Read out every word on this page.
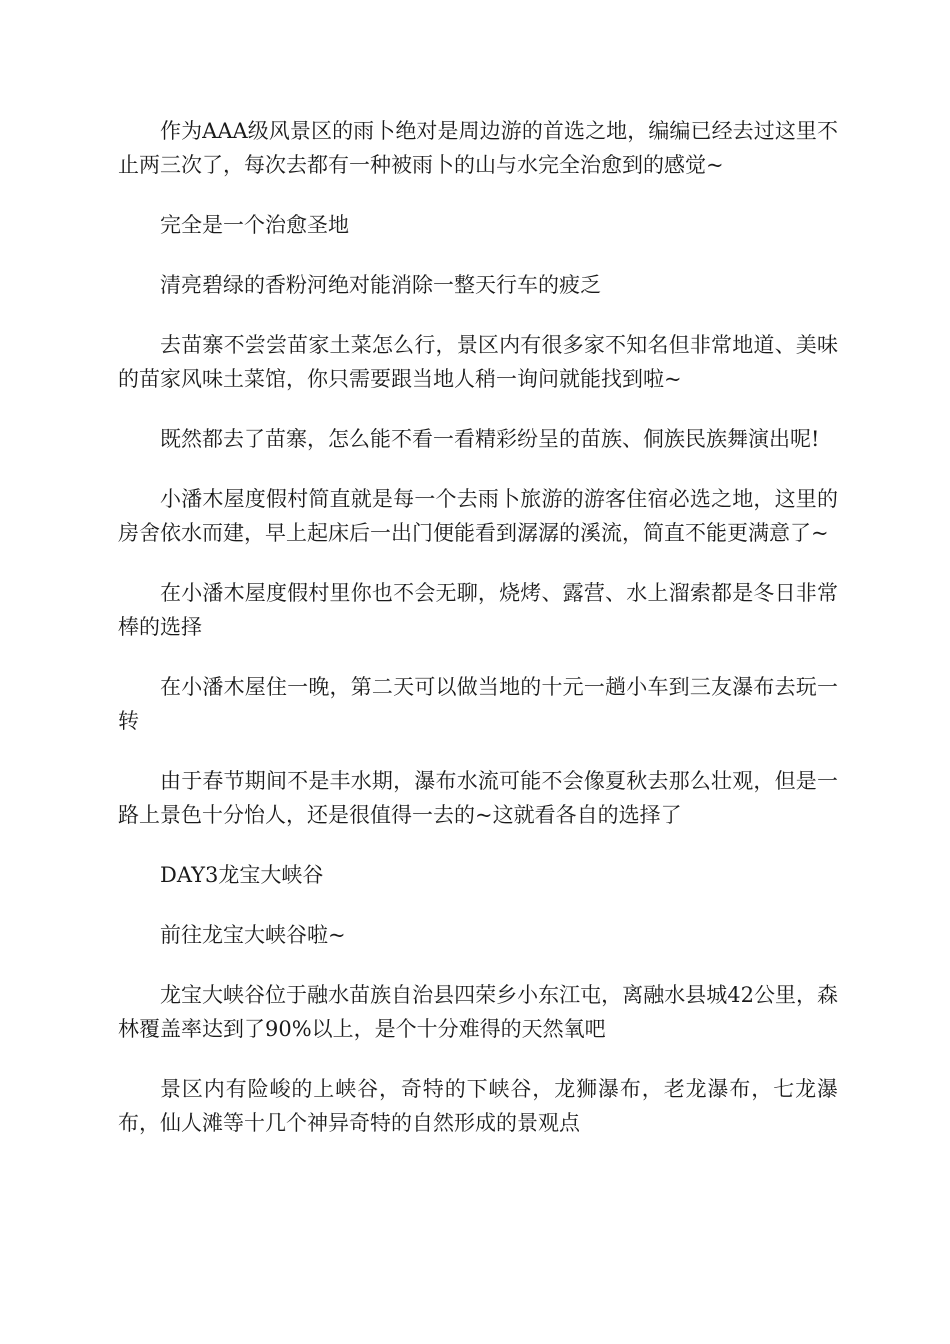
作为AAA级风景区的雨卜绝对是周边游的首选之地，编编已经去过这里不止两三次了，每次去都有一种被雨卜的山与水完全治愈到的感觉~

完全是一个治愈圣地

清亮碧绿的香粉河绝对能消除一整天行车的疲乏

去苗寨不尝尝苗家土菜怎么行，景区内有很多家不知名但非常地道、美味的苗家风味土菜馆，你只需要跟当地人稍一询问就能找到啦~

既然都去了苗寨，怎么能不看一看精彩纷呈的苗族、侗族民族舞演出呢!

小潘木屋度假村简直就是每一个去雨卜旅游的游客住宿必选之地，这里的房舍依水而建，早上起床后一出门便能看到潺潺的溪流，简直不能更满意了~

在小潘木屋度假村里你也不会无聊，烧烤、露营、水上溜索都是冬日非常棒的选择

在小潘木屋住一晚，第二天可以做当地的十元一趟小车到三友瀑布去玩一转

由于春节期间不是丰水期，瀑布水流可能不会像夏秋去那么壮观，但是一路上景色十分怡人，还是很值得一去的~这就看各自的选择了

DAY3龙宝大峡谷

前往龙宝大峡谷啦~

龙宝大峡谷位于融水苗族自治县四荣乡小东江屯，离融水县城42公里，森林覆盖率达到了90%以上，是个十分难得的天然氧吧

景区内有险峻的上峡谷，奇特的下峡谷，龙狮瀑布，老龙瀑布，七龙瀑布，仙人滩等十几个神异奇特的自然形成的景观点
